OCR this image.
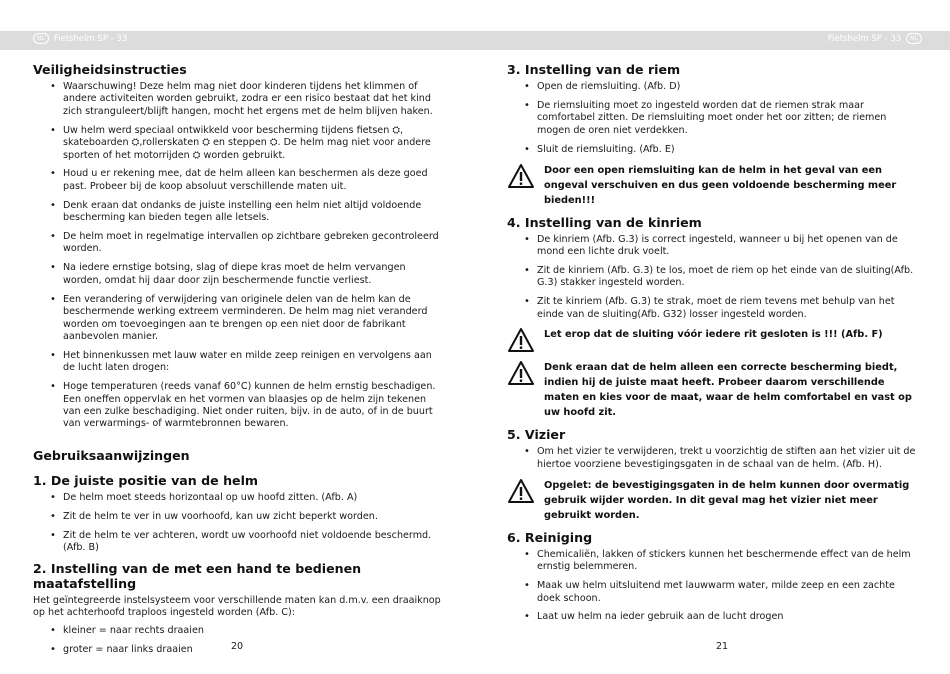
NL	Fietshelm SP - 33	Fietshelm SP - 33	NL
Veiligheidsinstructies
• Waarschuwing! Deze helm mag niet door kinderen tijdens het klimmen of andere activiteiten worden gebruikt, zodra er een risico bestaat dat het kind zich stranguleert/blijft hangen, mocht het ergens met de helm blijven haken.
• Uw helm werd speciaal ontwikkeld voor bescherming tijdens fietsen ⛭, skateboarden ⛭,rollerskaten ⛭ en steppen ⛭. De helm mag niet voor andere sporten of het motorrijden ⛭ worden gebruikt.
• Houd u er rekening mee, dat de helm alleen kan beschermen als deze goed past. Probeer bij de koop absoluut verschillende maten uit.
• Denk eraan dat ondanks de juiste instelling een helm niet altijd voldoende bescherming kan bieden tegen alle letsels.
• De helm moet in regelmatige intervallen op zichtbare gebreken gecontroleerd worden.
• Na iedere ernstige botsing, slag of diepe kras moet de helm vervangen worden, omdat hij daar door zijn beschermende functie verliest.
• Een verandering of verwijdering van originele delen van de helm kan de beschermende werking extreem verminderen. De helm mag niet veranderd worden om toevoegingen aan te brengen op een niet door de fabrikant aanbevolen manier.
• Het binnenkussen met lauw water en milde zeep reinigen en vervolgens aan de lucht laten drogen:
• Hoge temperaturen (reeds vanaf 60°C) kunnen de helm ernstig beschadigen. Een oneffen oppervlak en het vormen van blaasjes op de helm zijn tekenen van een zulke beschadiging. Niet onder ruiten, bijv. in de auto, of in de buurt van verwarmings- of warmtebronnen bewaren.
Gebruiksaanwijzingen
1. De juiste positie van de helm
• De helm moet steeds horizontaal op uw hoofd zitten. (Afb. A)
• Zit de helm te ver in uw voorhoofd, kan uw zicht beperkt worden.
• Zit de helm te ver achteren, wordt uw voorhoofd niet voldoende beschermd. (Afb. B)
2. Instelling van de met een hand te bedienen maatafstelling

Het geïntegreerde instelsysteem voor verschillende maten kan d.m.v. een draaiknop op het achterhoofd traploos ingesteld worden (Afb. C):

• kleiner = naar rechts draaien
• groter = naar links draaien	20
3. Instelling van de riem
• Open de riemsluiting. (Afb. D)
• De riemsluiting moet zo ingesteld worden dat de riemen strak maar comfortabel zitten. De riemsluiting moet onder het oor zitten; de riemen mogen de oren niet verdekken.
• Sluit de riemsluiting. (Afb. E)
Door een open riemsluiting kan de helm in het geval van een ongeval verschuiven en dus geen voldoende bescherming meer bieden!!!
4. Instelling van de kinriem
• De kinriem (Afb. G.3) is correct ingesteld, wanneer u bij het openen van de mond een lichte druk voelt.
• Zit de kinriem (Afb. G.3) te los, moet de riem op het einde van de sluiting(Afb. G.3) stakker ingesteld worden.
• Zit te kinriem (Afb. G.3) te strak, moet de riem tevens met behulp van het einde van de sluiting(Afb. G32) losser ingesteld worden.
Let erop dat de sluiting vóór iedere rit gesloten is !!! (Afb. F)
Denk eraan dat de helm alleen een correcte bescherming biedt, indien hij de juiste maat heeft. Probeer daarom verschillende maten en kies voor de maat, waar de helm comfortabel en vast op uw hoofd zit.
5. Vizier
• Om het vizier te verwijderen, trekt u voorzichtig de stiften aan het vizier uit de hiertoe voorziene bevestigingsgaten in de schaal van de helm. (Afb. H).
Opgelet: de bevestigingsgaten in de helm kunnen door overmatig gebruik wijder worden. In dit geval mag het vizier niet meer gebruikt worden.
6. Reiniging
• Chemicaliën, lakken of stickers kunnen het beschermende effect van de helm ernstig belemmeren.
• Maak uw helm uitsluitend met lauwwarm water, milde zeep en een zachte doek schoon.
• Laat uw helm na ieder gebruik aan de lucht drogen
21
